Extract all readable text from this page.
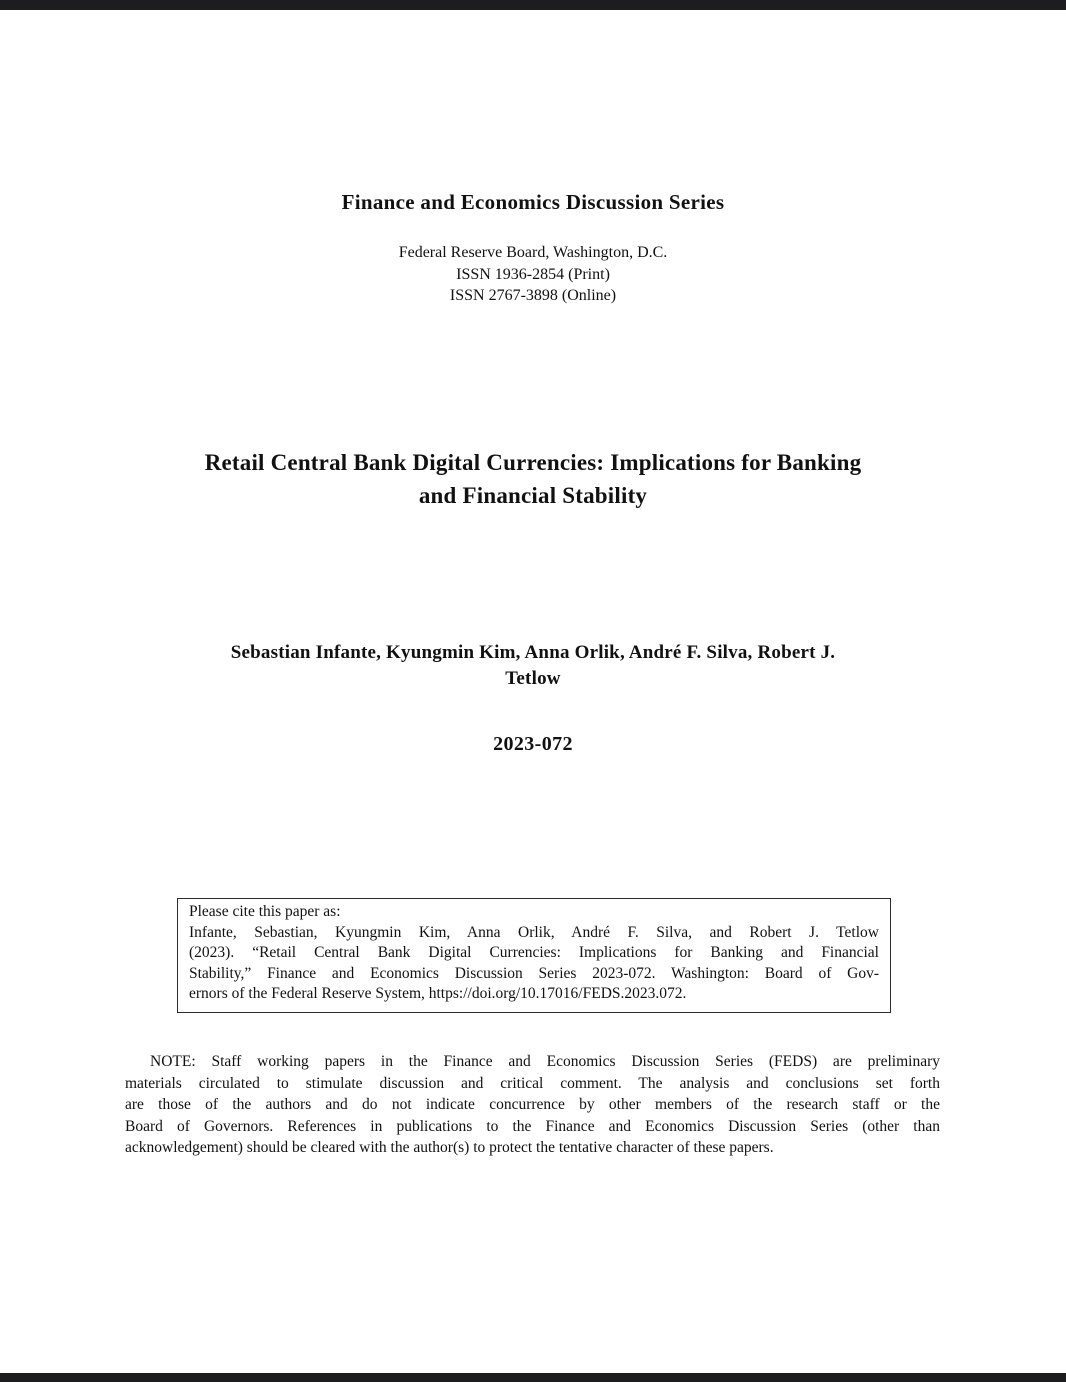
Finance and Economics Discussion Series
Federal Reserve Board, Washington, D.C.
ISSN 1936-2854 (Print)
ISSN 2767-3898 (Online)
Retail Central Bank Digital Currencies: Implications for Banking
and Financial Stability
Sebastian Infante, Kyungmin Kim, Anna Orlik, André F. Silva, Robert J.
Tetlow
2023-072
Please cite this paper as:
Infante, Sebastian, Kyungmin Kim, Anna Orlik, André F. Silva, and Robert J. Tetlow
(2023). “Retail Central Bank Digital Currencies: Implications for Banking and Financial
Stability,” Finance and Economics Discussion Series 2023-072. Washington: Board of Gov-
ernors of the Federal Reserve System, https://doi.org/10.17016/FEDS.2023.072.
NOTE: Staff working papers in the Finance and Economics Discussion Series (FEDS) are preliminary
materials circulated to stimulate discussion and critical comment. The analysis and conclusions set forth
are those of the authors and do not indicate concurrence by other members of the research staff or the
Board of Governors. References in publications to the Finance and Economics Discussion Series (other than
acknowledgement) should be cleared with the author(s) to protect the tentative character of these papers.
